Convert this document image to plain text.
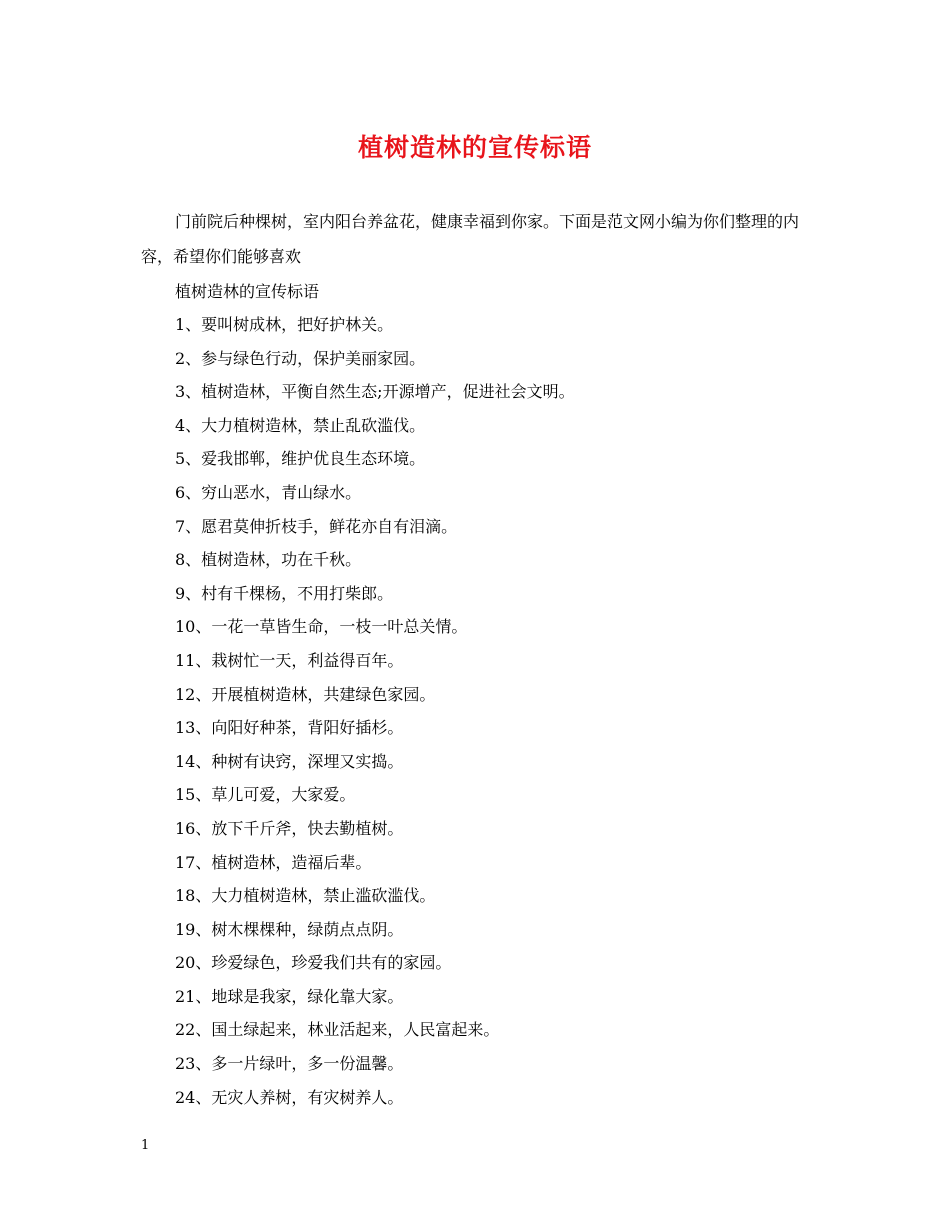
植树造林的宣传标语

门前院后种棵树，室内阳台养盆花，健康幸福到你家。下面是范文网小编为你们整理的内容，希望你们能够喜欢

植树造林的宣传标语

1、要叫树成林，把好护林关。
2、参与绿色行动，保护美丽家园。
3、植树造林，平衡自然生态;开源增产，促进社会文明。
4、大力植树造林，禁止乱砍滥伐。
5、爱我邯郸，维护优良生态环境。
6、穷山恶水，青山绿水。
7、愿君莫伸折枝手，鲜花亦自有泪滴。
8、植树造林，功在千秋。
9、村有千棵杨，不用打柴郎。
10、一花一草皆生命，一枝一叶总关情。
11、栽树忙一天，利益得百年。
12、开展植树造林，共建绿色家园。
13、向阳好种茶，背阳好插杉。
14、种树有诀窍，深埋又实捣。
15、草儿可爱，大家爱。
16、放下千斤斧，快去勤植树。
17、植树造林，造福后辈。
18、大力植树造林，禁止滥砍滥伐。
19、树木棵棵种，绿荫点点阴。
20、珍爱绿色，珍爱我们共有的家园。
21、地球是我家，绿化靠大家。
22、国土绿起来，林业活起来，人民富起来。
23、多一片绿叶，多一份温馨。
24、无灾人养树，有灾树养人。

1
